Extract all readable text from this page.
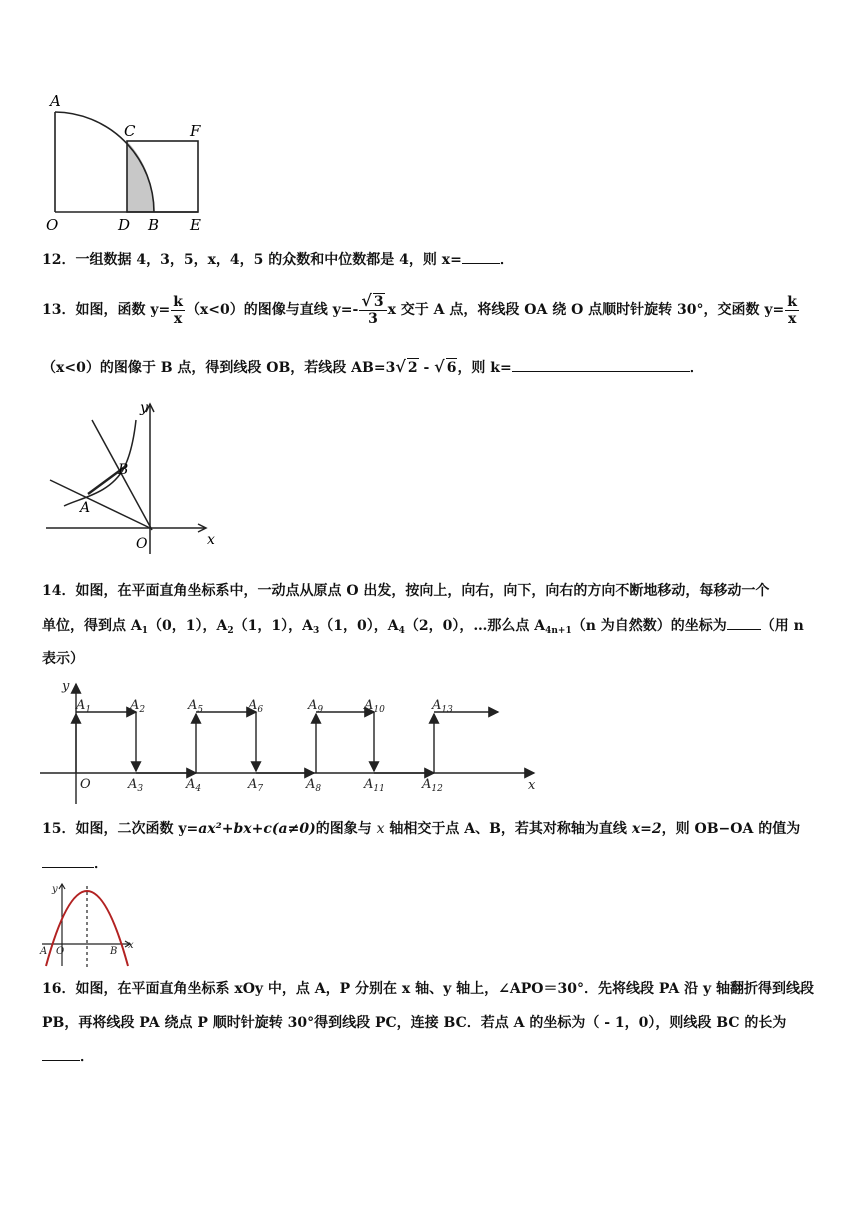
A
C	F
O	D B E
12．一组数据 4，3，5，x，4，5 的众数和中位数都是 4，则 x=	．
13．如图，函数 $y= \frac{k}{x} (x<0)$的图像与直线 $y=- \frac{√ 3}{3}$ x 交于 A 点，将线段 OA 绕 O 点顺时针旋转 30°，交函数 $y= \frac{k}{x}$
（x<0）的图像于 B 点，得到线段 OB，若线段 AB=3√ 2 - √ 6，则 k=	．
y
x
B
A
O
14．如图，在平面直角坐标系中，一动点从原点 O 出发，按向上，向右，向下，向右的方向不断地移动，每移动一个
单位，得到点 $A_1(0$，1），$A_2(1$，1），$A_3(1$，0），$A_4(2$，0），…那么点 $A_{4n+1}(n$ 为自然数）的坐标为 （用 n
表示）
y
x
O
$A_1$	$A_2$
$A_3$	$A_4$
$A_5$	$A_6$
$A_7$	$A_8$
$A_9$	$A_{10}$
$A_{11}$	$A_{12}$
$A_{13}$
15．如图，二次函数 y=ax²+bx+c(a≠0)的图象与 x 轴相交于点 A、B，若其对称轴为直线 x=2，则 OB−OA 的值为
．
y
x
A O	B
16．如图，在平面直角坐标系 xOy 中，点 A，P 分别在 x 轴、y 轴上，∠APO＝30°．先将线段 PA 沿 y 轴翻折得到线段
PB，再将线段 PA 绕点 P 顺时针旋转 30°得到线段 PC，连接 BC．若点 A 的坐标为（ - 1，0），则线段 BC 的长为
．
